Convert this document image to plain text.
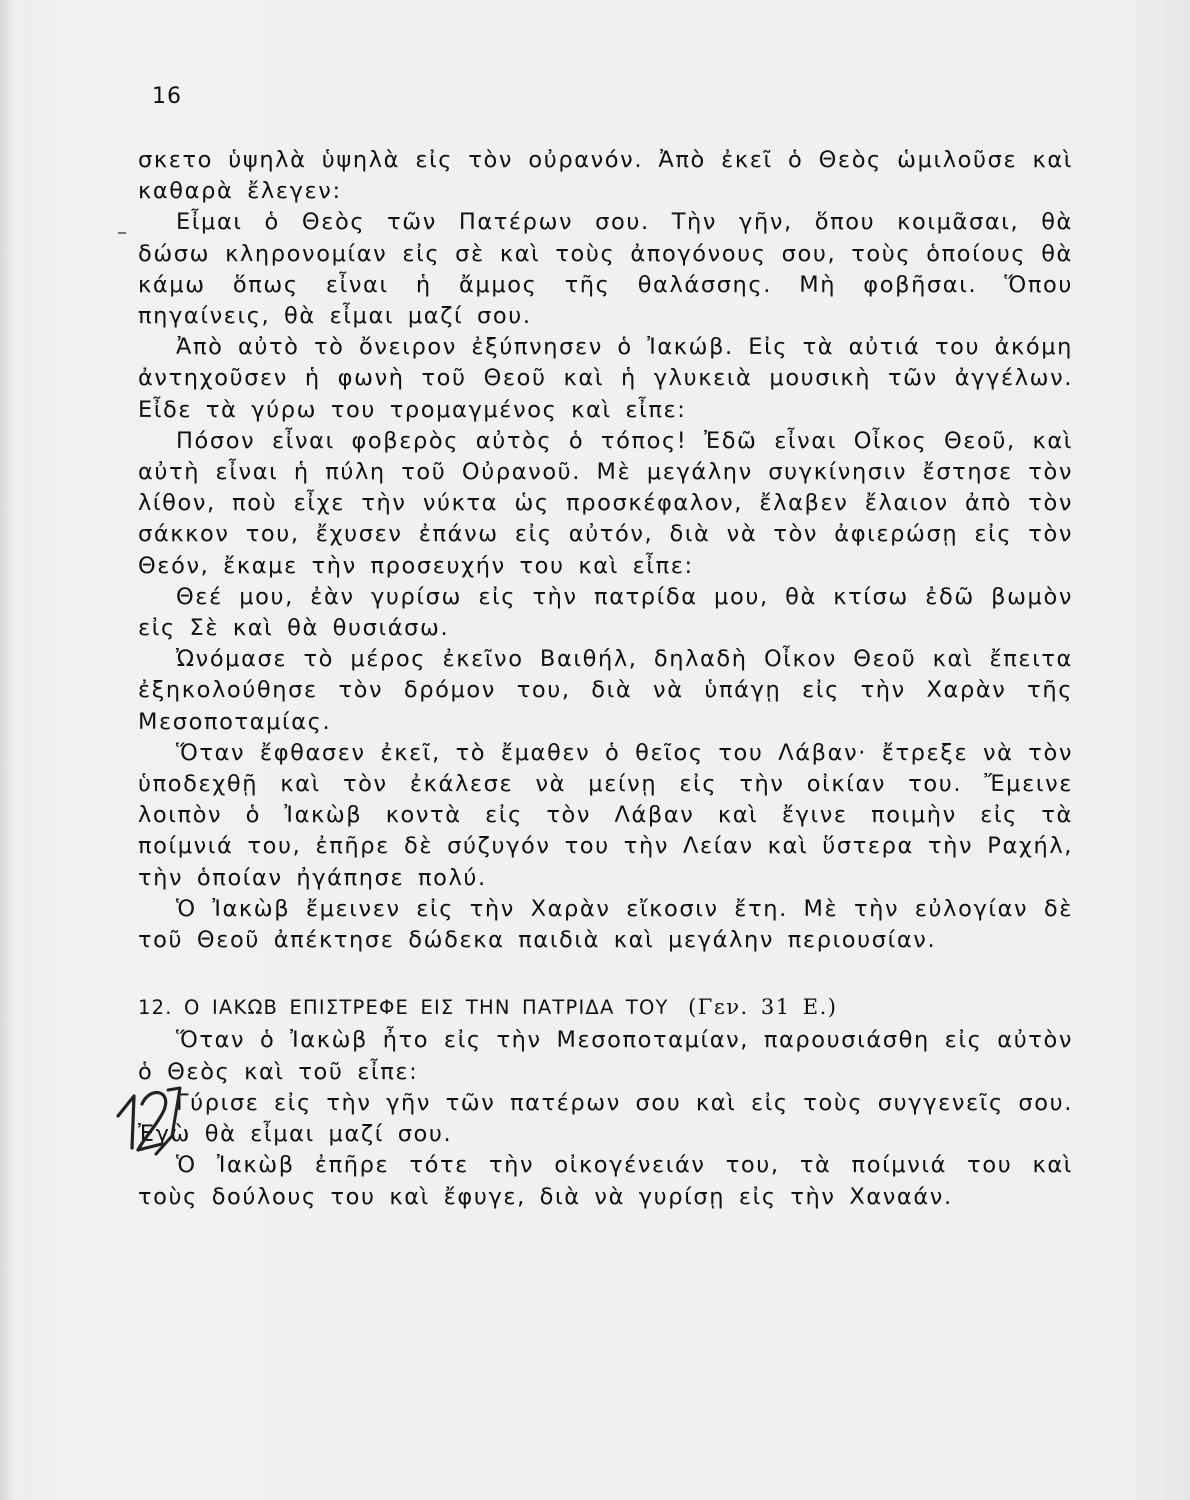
16

σκετο ὑψηλὰ ὑψηλὰ εἰς τὸν οὐρανόν. Ἀπὸ ἐκεῖ ὁ Θεὸς ὡμιλοῦσε καὶ καθαρὰ ἔλεγεν:

Εἶμαι ὁ Θεὸς τῶν Πατέρων σου. Τὴν γῆν, ὅπου κοιμᾶσαι, θὰ δώσω κληρονομίαν εἰς σὲ καὶ τοὺς ἀπογόνους σου, τοὺς ὁποίους θὰ κάμω ὅπως εἶναι ἡ ἄμμος τῆς θαλάσσης. Μὴ φοβῆσαι. Ὅπου πηγαίνεις, θὰ εἶμαι μαζί σου.

Ἀπὸ αὐτὸ τὸ ὄνειρον ἐξύπνησεν ὁ Ἰακώβ. Εἰς τὰ αὐτιά του ἀκόμη ἀντηχοῦσεν ἡ φωνὴ τοῦ Θεοῦ καὶ ἡ γλυκειὰ μουσικὴ τῶν ἀγγέλων. Εἶδε τὰ γύρω του τρομαγμένος καὶ εἶπε:

Πόσον εἶναι φοβερὸς αὐτὸς ὁ τόπος! Ἐδῶ εἶναι Οἶκος Θεοῦ, καὶ αὐτὴ εἶναι ἡ πύλη τοῦ Οὐρανοῦ. Μὲ μεγάλην συγκίνησιν ἔστησε τὸν λίθον, ποὺ εἶχε τὴν νύκτα ὡς προσκέφαλον, ἔλαβεν ἔλαιον ἀπὸ τὸν σάκκον του, ἔχυσεν ἐπάνω εἰς αὐτόν, διὰ νὰ τὸν ἀφιερώσῃ εἰς τὸν Θεόν, ἔκαμε τὴν προσευχήν του καὶ εἶπε:

Θεέ μου, ἐὰν γυρίσω εἰς τὴν πατρίδα μου, θὰ κτίσω ἐδῶ βωμὸν εἰς Σὲ καὶ θὰ θυσιάσω.

Ὠνόμασε τὸ μέρος ἐκεῖνο Βαιθήλ, δηλαδὴ Οἶκον Θεοῦ καὶ ἔπειτα ἐξηκολούθησε τὸν δρόμον του, διὰ νὰ ὑπάγῃ εἰς τὴν Χαρὰν τῆς Μεσοποταμίας.

Ὅταν ἔφθασεν ἐκεῖ, τὸ ἔμαθεν ὁ θεῖος του Λάβαν· ἔτρεξε νὰ τὸν ὑποδεχθῇ καὶ τὸν ἐκάλεσε νὰ μείνῃ εἰς τὴν οἰκίαν του. Ἔμεινε λοιπὸν ὁ Ἰακὼβ κοντὰ εἰς τὸν Λάβαν καὶ ἔγινε ποιμὴν εἰς τὰ ποίμνιά του, ἐπῆρε δὲ σύζυγόν του τὴν Λείαν καὶ ὕστερα τὴν Ραχήλ, τὴν ὁποίαν ἠγάπησε πολύ.

Ὁ Ἰακὼβ ἔμεινεν εἰς τὴν Χαρὰν εἴκοσιν ἔτη. Μὲ τὴν εὐλογίαν δὲ τοῦ Θεοῦ ἀπέκτησε δώδεκα παιδιὰ καὶ μεγάλην περιουσίαν.

12. Ο ΙΑΚΩΒ ΕΠΙΣΤΡΕΦΕ ΕΙΣ ΤΗΝ ΠΑΤΡΙΔΑ ΤΟΥ (Γεν. 31 Ε.)

Ὅταν ὁ Ἰακὼβ ἦτο εἰς τὴν Μεσοποταμίαν, παρουσιάσθη εἰς αὐτὸν ὁ Θεὸς καὶ τοῦ εἶπε:

Γύρισε εἰς τὴν γῆν τῶν πατέρων σου καὶ εἰς τοὺς συγγενεῖς σου. Ἐγὼ θὰ εἶμαι μαζί σου.

Ὁ Ἰακὼβ ἐπῆρε τότε τὴν οἰκογένειάν του, τὰ ποίμνιά του καὶ τοὺς δούλους του καὶ ἔφυγε, διὰ νὰ γυρίσῃ εἰς τὴν Χαναάν.
